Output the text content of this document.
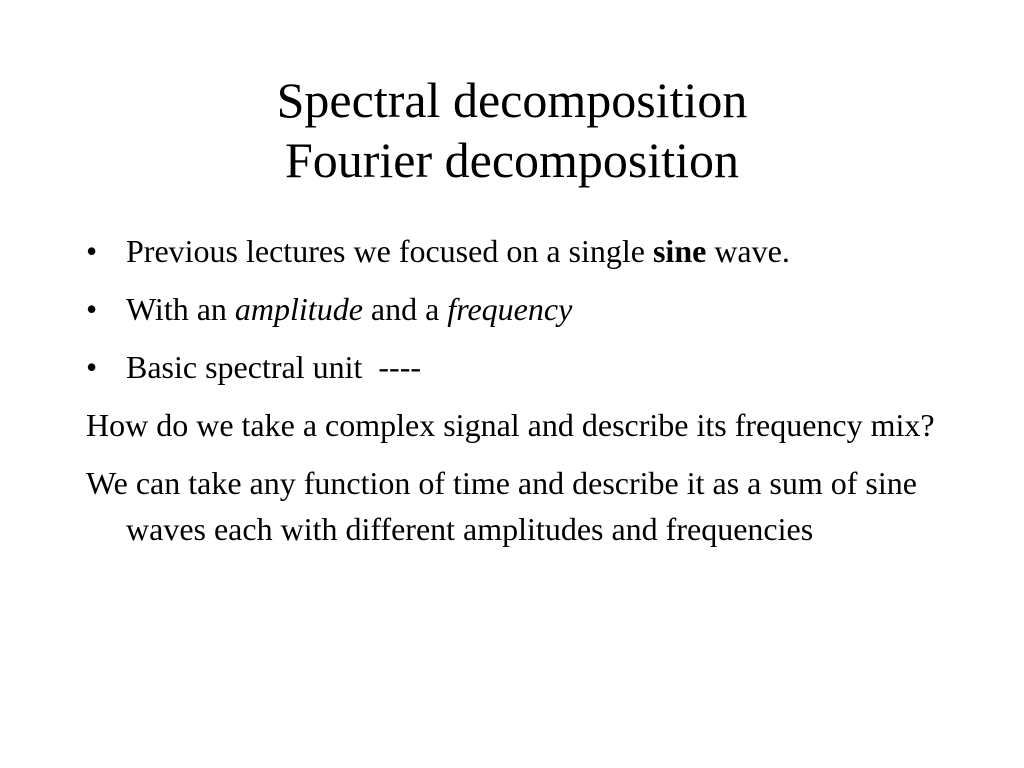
Spectral decomposition
Fourier decomposition
• Previous lectures we focused on a single sine wave.
• With an amplitude and a frequency
• Basic spectral unit  ----
How do we take a complex signal and describe its frequency mix?
We can take any function of time and describe it as a sum of sine waves each with different amplitudes and frequencies
